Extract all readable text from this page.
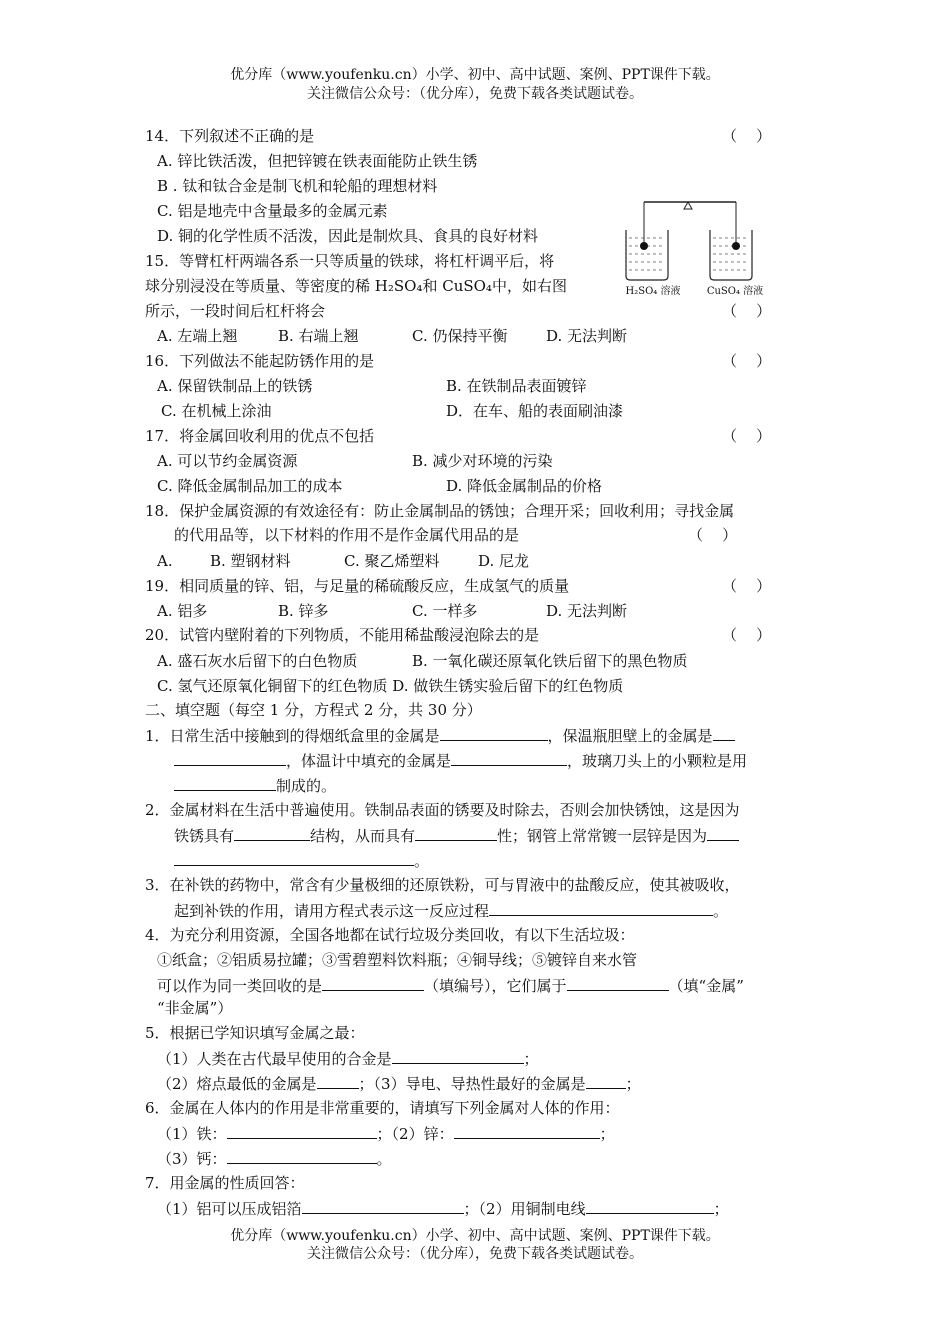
优分库（www.youfenku.cn）小学、初中、高中试题、案例、PPT课件下载。
关注微信公众号：（优分库），免费下载各类试题试卷。
14．下列叙述不正确的是	（    ）
A. 锌比铁活泼，但把锌镀在铁表面能防止铁生锈
B . 钛和钛合金是制飞机和轮船的理想材料
C. 铝是地壳中含量最多的金属元素
D. 铜的化学性质不活泼，因此是制炊具、食具的良好材料
H₂SO₄ 溶液	CuSO₄ 溶液
15．等臂杠杆两端各系一只等质量的铁球，将杠杆调平后，将
球分别浸没在等质量、等密度的稀 H₂SO₄和 CuSO₄中，如右图
所示，一段时间后杠杆将会	（    ）
A. 左端上翘	B. 右端上翘	C. 仍保持平衡	D. 无法判断
16．下列做法不能起防锈作用的是	（    ）
A. 保留铁制品上的铁锈	B. 在铁制品表面镀锌
C. 在机械上涂油	D．在车、船的表面刷油漆
17．将金属回收利用的优点不包括	（    ）
A. 可以节约金属资源	B. 减少对环境的污染
C. 降低金属制品加工的成本	D. 降低金属制品的价格
18．保护金属资源的有效途径有：防止金属制品的锈蚀；合理开采；回收利用；寻找金属
的代用品等，以下材料的作用不是作金属代用品的是	（    ）
A. B. 塑钢材料	C. 聚乙烯塑料	D. 尼龙
19．相同质量的锌、铝，与足量的稀硫酸反应，生成氢气的质量	（    ）
A. 铝多	B. 锌多	C. 一样多	D. 无法判断
20．试管内壁附着的下列物质，不能用稀盐酸浸泡除去的是	（    ）
A. 盛石灰水后留下的白色物质	B. 一氧化碳还原氧化铁后留下的黑色物质
C. 氢气还原氧化铜留下的红色物质 D. 做铁生锈实验后留下的红色物质
二、填空题（每空 1 分，方程式 2 分，共 30 分）
1．日常生活中接触到的得烟纸盒里的金属是	，保温瓶胆壁上的金属是
，体温计中填充的金属是	，玻璃刀头上的小颗粒是用
制成的。
2．金属材料在生活中普遍使用。铁制品表面的锈要及时除去，否则会加快锈蚀，这是因为
铁锈具有	结构，从而具有	性；钢管上常常镀一层锌是因为
。
3．在补铁的药物中，常含有少量极细的还原铁粉，可与胃液中的盐酸反应，使其被吸收，
起到补铁的作用，请用方程式表示这一反应过程	。
4．为充分利用资源，全国各地都在试行垃圾分类回收，有以下生活垃圾：
①纸盒；②铝质易拉罐；③雪碧塑料饮料瓶；④铜导线；⑤镀锌自来水管
可以作为同一类回收的是	（填编号），它们属于	（填“金属”
“非金属”）
5．根据已学知识填写金属之最：
（1）人类在古代最早使用的合金是	；
（2）熔点最低的金属是	；（3）导电、导热性最好的金属是	；
6．金属在人体内的作用是非常重要的，请填写下列金属对人体的作用：
（1）铁：	；（2）锌：	；
（3）钙：	。
7．用金属的性质回答：
（1）铝可以压成铝箔	；（2）用铜制电线	；
优分库（www.youfenku.cn）小学、初中、高中试题、案例、PPT课件下载。
关注微信公众号：（优分库），免费下载各类试题试卷。
